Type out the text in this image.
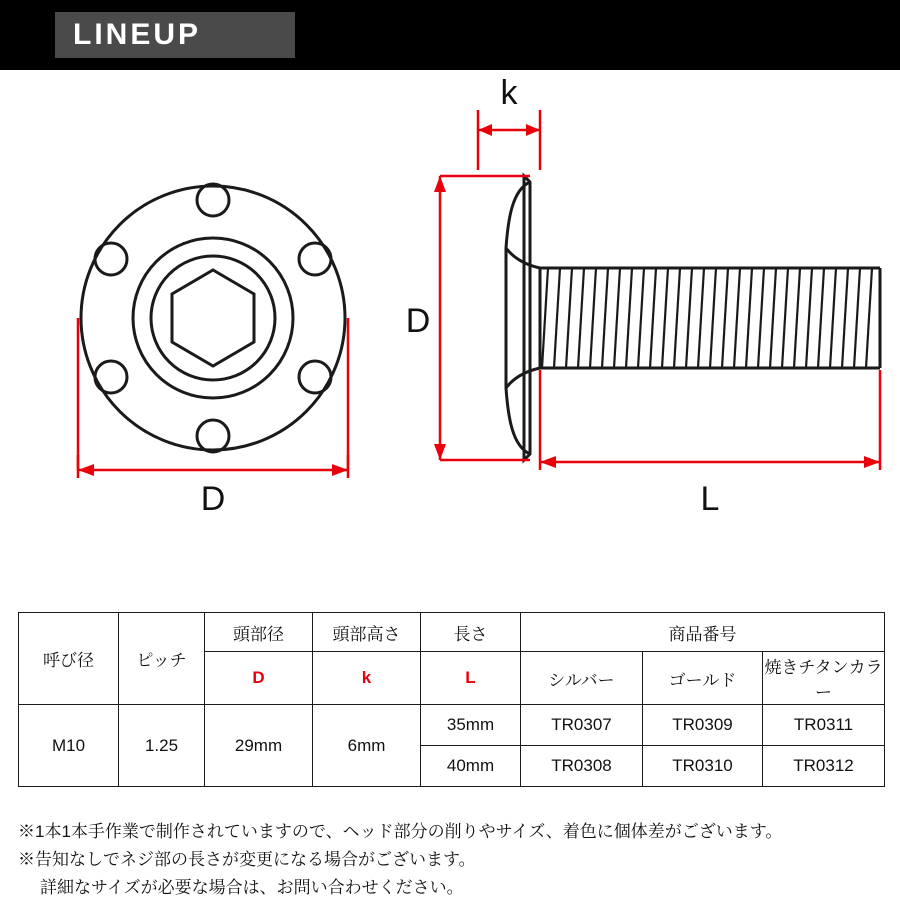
LINEUP
D
k
D
L
呼び径	ピッチ	頭部径	頭部高さ	長さ	商品番号		
		D	k	L	シルバー	ゴールド	焼きチタンカラー
M10	1.25	29mm	6mm	35mm	TR0307	TR0309	TR0311
				40mm	TR0308	TR0310	TR0312
※1本1本手作業で制作されていますので、ヘッド部分の削りやサイズ、着色に個体差がございます。
※告知なしでネジ部の長さが変更になる場合がございます。
詳細なサイズが必要な場合は、お問い合わせください。
